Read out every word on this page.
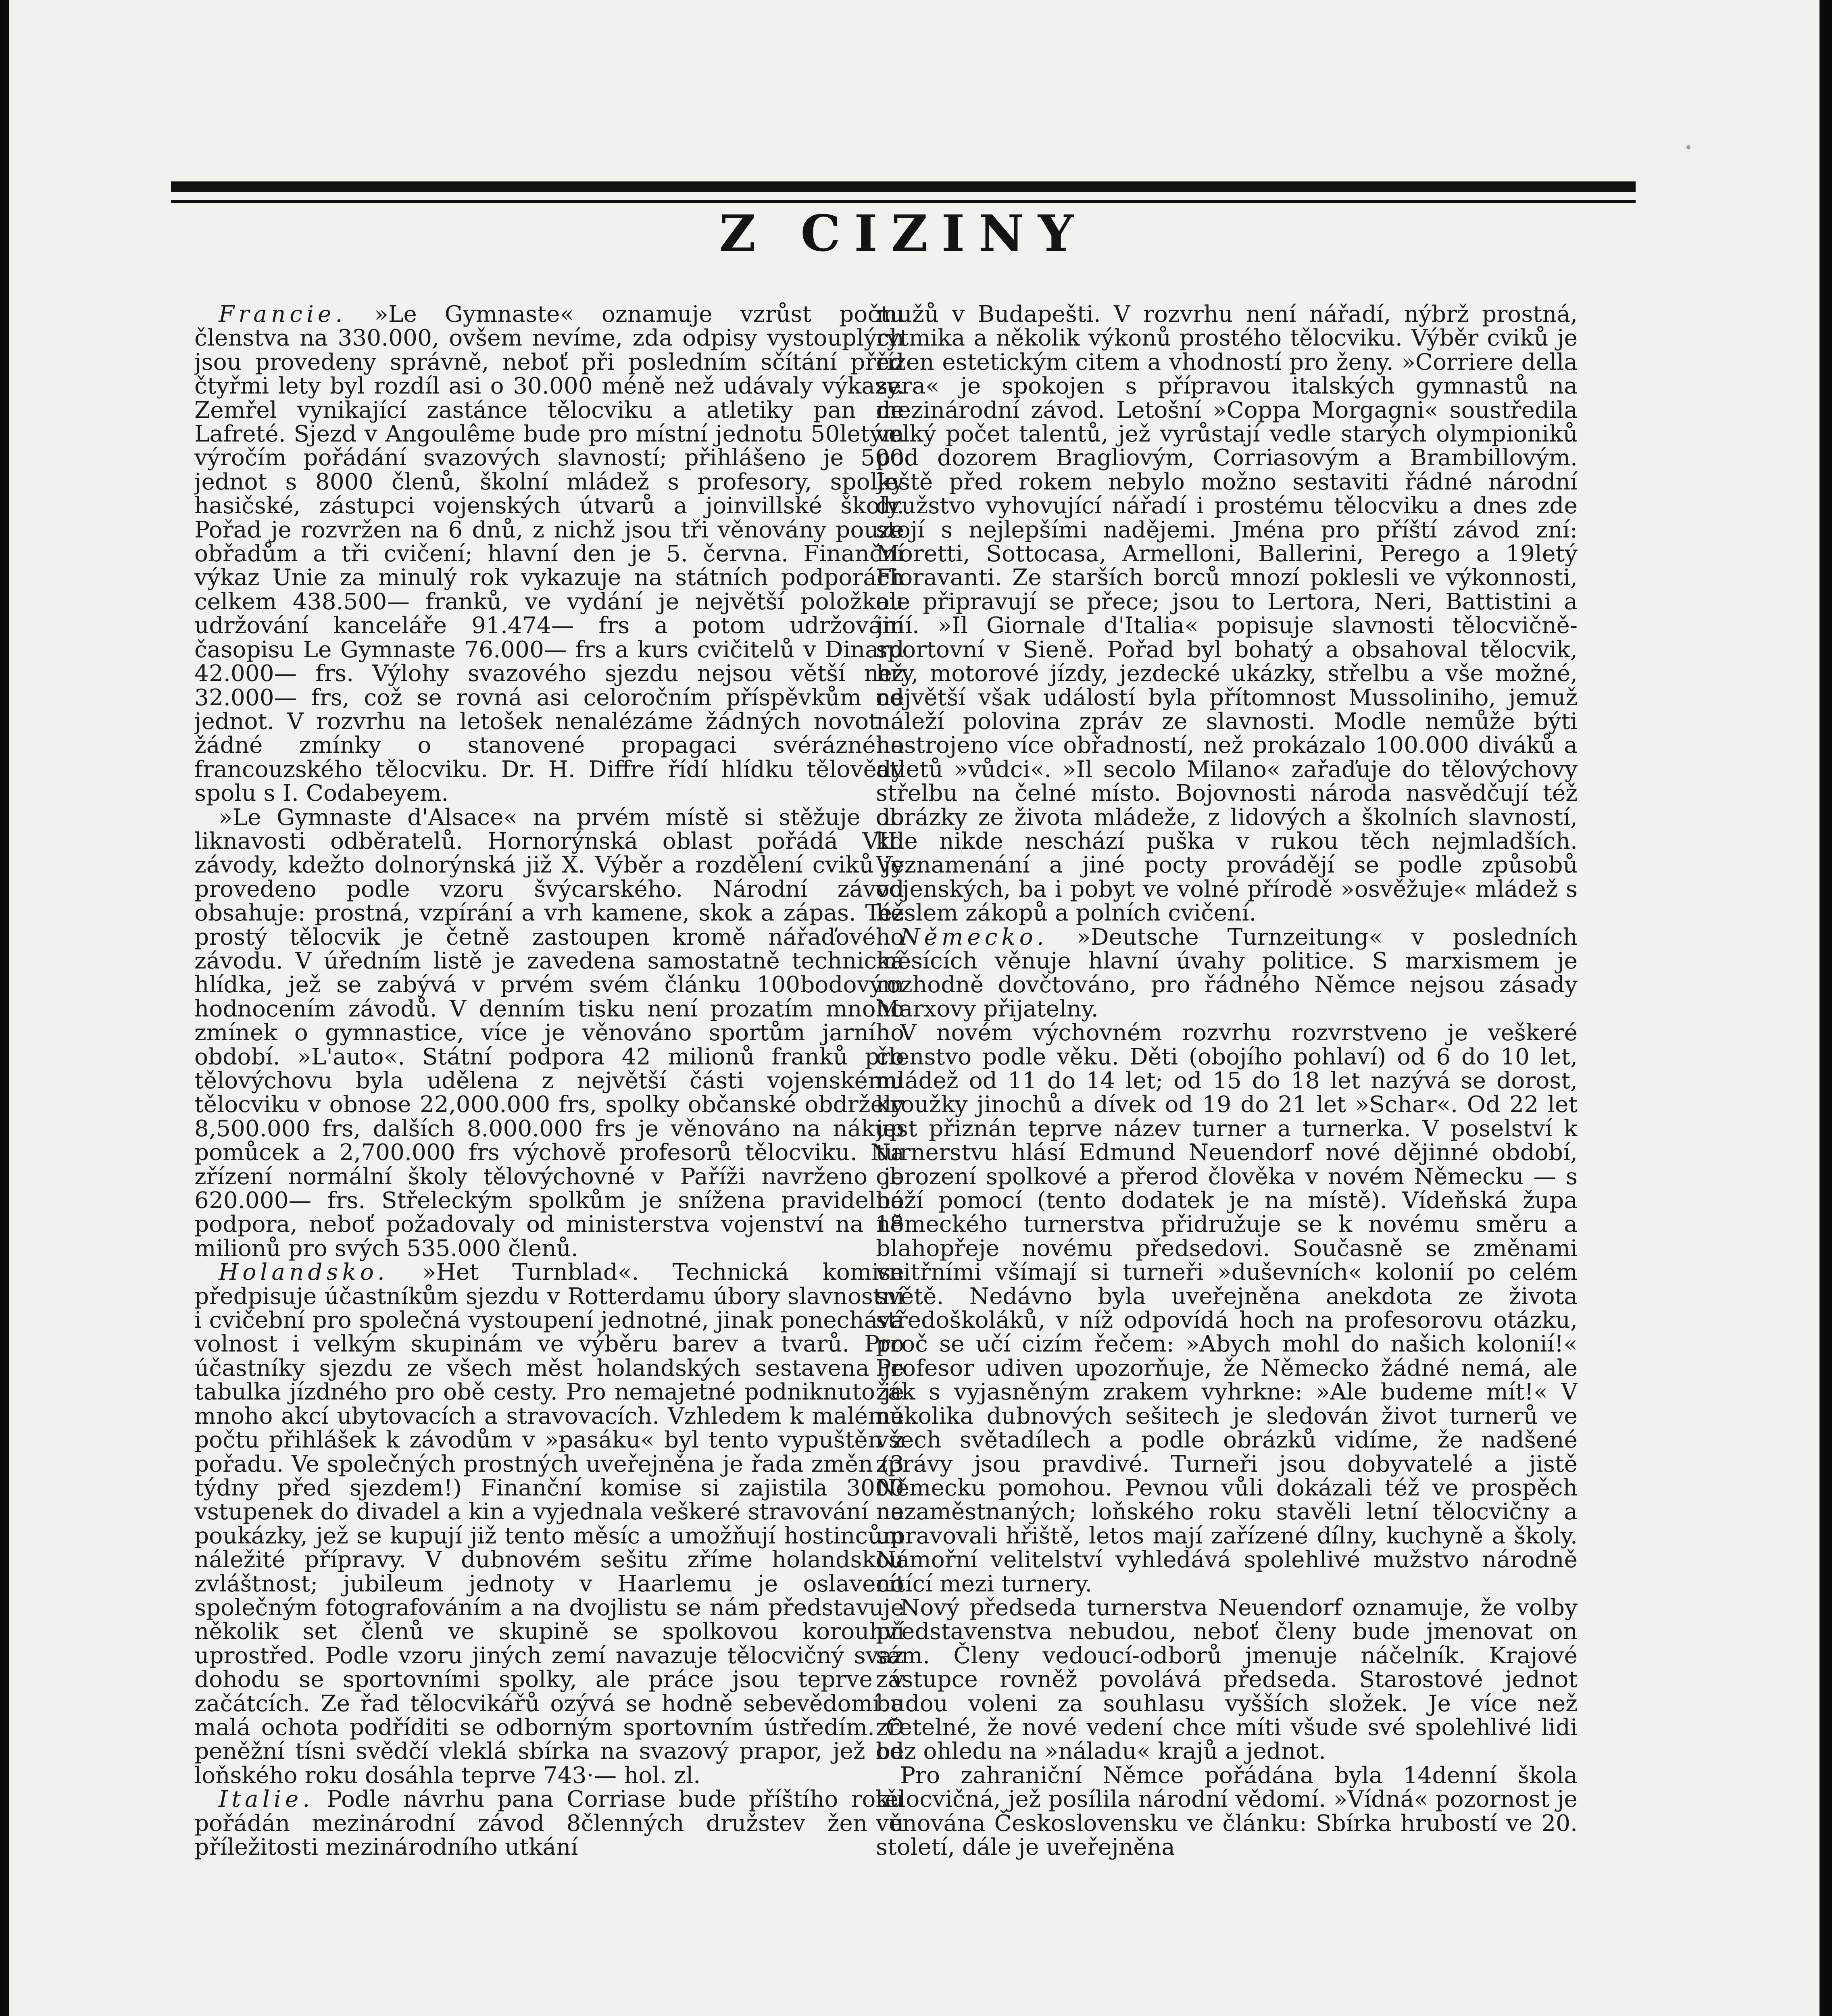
Z CIZINY

Francie. »Le Gymnaste« oznamuje vzrůst počtu členstva na 330.000, ovšem nevíme, zda odpisy vystouplých jsou provedeny správně, neboť při posledním sčítání před čtyřmi lety byl rozdíl asi o 30.000 méně než udávaly výkazy. Zemřel vynikající zastánce tělocviku a atletiky pan de Lafreté. Sjezd v Angoulême bude pro místní jednotu 50letým výročím pořádání svazových slavností; přihlášeno je 500 jednot s 8000 členů, školní mládež s profesory, spolky hasičské, zástupci vojenských útvarů a joinvillské školy. Pořad je rozvržen na 6 dnů, z nichž jsou tři věnovány pouze obřadům a tři cvičení; hlavní den je 5. června. Finanční výkaz Unie za minulý rok vykazuje na státních podporách celkem 438.500— franků, ve vydání je největší položkou udržování kanceláře 91.474— frs a potom udržování časopisu Le Gymnaste 76.000— frs a kurs cvičitelů v Dinard 42.000— frs. Výlohy svazového sjezdu nejsou větší než 32.000— frs, což se rovná asi celoročním příspěvkům od jednot. V rozvrhu na letošek nenalézáme žádných novot a žádné zmínky o stanovené propagaci svérázného francouzského tělocviku. Dr. H. Diffre řídí hlídku tělovědy spolu s I. Codabeyem.

»Le Gymnaste d'Alsace« na prvém místě si stěžuje do liknavosti odběratelů. Hornorýnská oblast pořádá VII. závody, kdežto dolnorýnská již X. Výběr a rozdělení cviků je provedeno podle vzoru švýcarského. Národní závod obsahuje: prostná, vzpírání a vrh kamene, skok a zápas. Též prostý tělocvik je četně zastoupen kromě nářaďového závodu. V úředním listě je zavedena samostatně technická hlídka, jež se zabývá v prvém svém článku 100bodovým hodnocením závodů. V denním tisku není prozatím mnoho zmínek o gymnastice, více je věnováno sportům jarního období. »L'auto«. Státní podpora 42 milionů franků pro tělovýchovu byla udělena z největší části vojenskému tělocviku v obnose 22,000.000 frs, spolky občanské obdržely 8,500.000 frs, dalších 8.000.000 frs je věnováno na nákup pomůcek a 2,700.000 frs výchově profesorů tělocviku. Na zřízení normální školy tělovýchovné v Paříži navrženo je 620.000— frs. Střeleckým spolkům je snížena pravidelná podpora, neboť požadovaly od ministerstva vojenství na 18 milionů pro svých 535.000 členů.

Holandsko. »Het Turnblad«. Technická komise předpisuje účastníkům sjezdu v Rotterdamu úbory slavnostní i cvičební pro společná vystoupení jednotné, jinak ponechává volnost i velkým skupinám ve výběru barev a tvarů. Pro účastníky sjezdu ze všech měst holandských sestavena je tabulka jízdného pro obě cesty. Pro nemajetné podniknuto je mnoho akcí ubytovacích a stravovacích. Vzhledem k malému počtu přihlášek k závodům v »pasáku« byl tento vypuštěn z pořadu. Ve společných prostných uveřejněna je řada změn (3 týdny před sjezdem!) Finanční komise si zajistila 3000 vstupenek do divadel a kin a vyjednala veškeré stravování na poukázky, jež se kupují již tento měsíc a umožňují hostincům náležité přípravy. V dubnovém sešitu zříme holandskou zvláštnost; jubileum jednoty v Haarlemu je oslaveno společným fotografováním a na dvojlistu se nám představuje několik set členů ve skupině se spolkovou korouhví uprostřed. Podle vzoru jiných zemí navazuje tělocvičný svaz dohodu se sportovními spolky, ale práce jsou teprve v začátcích. Ze řad tělocvikářů ozývá se hodně sebevědomí a malá ochota podříditi se odborným sportovním ústředím. O peněžní tísni svědčí vleklá sbírka na svazový prapor, jež od loňského roku dosáhla teprve 743·— hol. zl.

Italie. Podle návrhu pana Corriase bude příštího roku pořádán mezinárodní závod 8členných družstev žen u příležitosti mezinárodního utkání

mužů v Budapešti. V rozvrhu není nářadí, nýbrž prostná, rytmika a několik výkonů prostého tělocviku. Výběr cviků je řízen estetickým citem a vhodností pro ženy. »Corriere della sera« je spokojen s přípravou italských gymnastů na mezinárodní závod. Letošní »Coppa Morgagni« soustředila velký počet talentů, jež vyrůstají vedle starých olympioniků pod dozorem Bragliovým, Corriasovým a Brambillovým. Ještě před rokem nebylo možno sestaviti řádné národní družstvo vyhovující nářadí i prostému tělocviku a dnes zde stojí s nejlepšími nadějemi. Jména pro příští závod zní: Moretti, Sottocasa, Armelloni, Ballerini, Perego a 19letý Fioravanti. Ze starších borců mnozí poklesli ve výkonnosti, ale připravují se přece; jsou to Lertora, Neri, Battistini a jiní. »Il Giornale d'Italia« popisuje slavnosti tělocvičně-sportovní v Sieně. Pořad byl bohatý a obsahoval tělocvik, hry, motorové jízdy, jezdecké ukázky, střelbu a vše možné, největší však událostí byla přítomnost Mussoliniho, jemuž náleží polovina zpráv ze slavnosti. Modle nemůže býti nastrojeno více obřadností, než prokázalo 100.000 diváků a atletů »vůdci«. »Il secolo Milano« zařaďuje do tělovýchovy střelbu na čelné místo. Bojovnosti národa nasvědčují též obrázky ze života mládeže, z lidových a školních slavností, kde nikde neschází puška v rukou těch nejmladších. Vyznamenání a jiné pocty provádějí se podle způsobů vojenských, ba i pobyt ve volné přírodě »osvěžuje« mládež s heslem zákopů a polních cvičení.

Německo. »Deutsche Turnzeitung« v posledních měsících věnuje hlavní úvahy politice. S marxismem je rozhodně dovčtováno, pro řádného Němce nejsou zásady Marxovy přijatelny.

V novém výchovném rozvrhu rozvrstveno je veškeré členstvo podle věku. Děti (obojího pohlaví) od 6 do 10 let, mládež od 11 do 14 let; od 15 do 18 let nazývá se dorost, kroužky jinochů a dívek od 19 do 21 let »Schar«. Od 22 let jest přiznán teprve název turner a turnerka. V poselství k turnerstvu hlásí Edmund Neuendorf nové dějinné období, obrození spolkové a přerod člověka v novém Německu — s boží pomocí (tento dodatek je na místě). Vídeňská župa německého turnerstva přidružuje se k novému směru a blahopřeje novému předsedovi. Současně se změnami vnitřními všímají si turneři »duševních« kolonií po celém světě. Nedávno byla uveřejněna anekdota ze života středoškoláků, v níž odpovídá hoch na profesorovu otázku, proč se učí cizím řečem: »Abych mohl do našich kolonií!« Profesor udiven upozorňuje, že Německo žádné nemá, ale žák s vyjasněným zrakem vyhrkne: »Ale budeme mít!« V několika dubnových sešitech je sledován život turnerů ve všech světadílech a podle obrázků vidíme, že nadšené zprávy jsou pravdivé. Turneři jsou dobyvatelé a jistě Německu pomohou. Pevnou vůli dokázali též ve prospěch nezaměstnaných; loňského roku stavěli letní tělocvičny a upravovali hřiště, letos mají zařízené dílny, kuchyně a školy. Námořní velitelství vyhledává spolehlivé mužstvo národně cítící mezi turnery.

Nový předseda turnerstva Neuendorf oznamuje, že volby představenstva nebudou, neboť členy bude jmenovat on sám. Členy vedoucí-odborů jmenuje náčelník. Krajové zástupce rovněž povolává předseda. Starostové jednot budou voleni za souhlasu vyšších složek. Je více než zřetelné, že nové vedení chce míti všude své spolehlivé lidi bez ohledu na »náladu« krajů a jednot.

Pro zahraniční Němce pořádána byla 14denní škola tělocvičná, jež posílila národní vědomí. »Vídná« pozornost je věnována Československu ve článku: Sbírka hrubostí ve 20. století, dále je uveřejněna
